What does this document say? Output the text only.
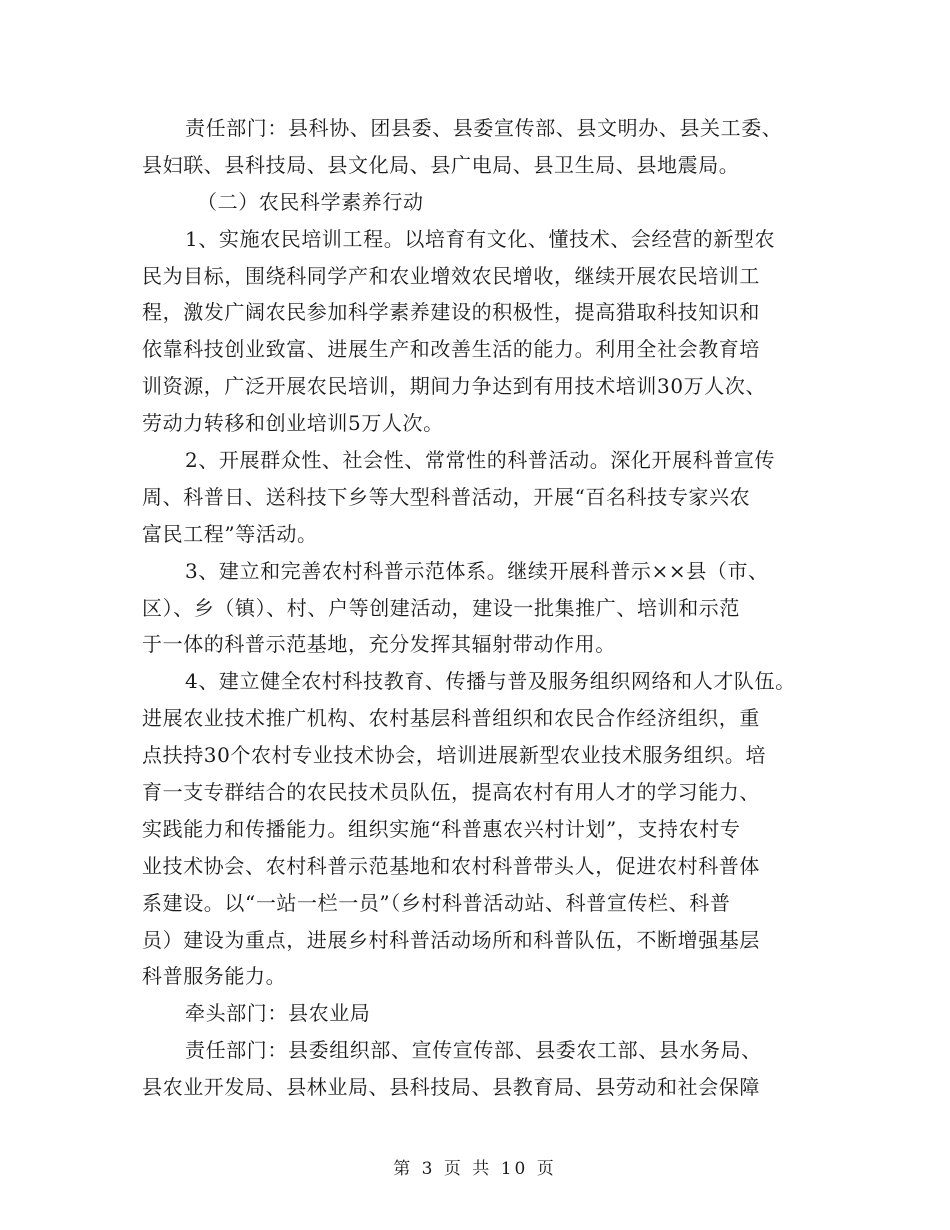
责任部门：县科协、团县委、县委宣传部、县文明办、县关工委、
县妇联、县科技局、县文化局、县广电局、县卫生局、县地震局。
（二）农民科学素养行动
1、实施农民培训工程。以培育有文化、懂技术、会经营的新型农
民为目标，围绕科同学产和农业增效农民增收，继续开展农民培训工
程，激发广阔农民参加科学素养建设的积极性，提高猎取科技知识和
依靠科技创业致富、进展生产和改善生活的能力。利用全社会教育培
训资源，广泛开展农民培训，期间力争达到有用技术培训30万人次、
劳动力转移和创业培训5万人次。
2、开展群众性、社会性、常常性的科普活动。深化开展科普宣传
周、科普日、送科技下乡等大型科普活动，开展“百名科技专家兴农
富民工程”等活动。
3、建立和完善农村科普示范体系。继续开展科普示××县（市、
区）、乡（镇）、村、户等创建活动，建设一批集推广、培训和示范
于一体的科普示范基地，充分发挥其辐射带动作用。
4、建立健全农村科技教育、传播与普及服务组织网络和人才队伍。
进展农业技术推广机构、农村基层科普组织和农民合作经济组织，重
点扶持30个农村专业技术协会，培训进展新型农业技术服务组织。培
育一支专群结合的农民技术员队伍，提高农村有用人才的学习能力、
实践能力和传播能力。组织实施“科普惠农兴村计划”，支持农村专
业技术协会、农村科普示范基地和农村科普带头人，促进农村科普体
系建设。以“一站一栏一员”（乡村科普活动站、科普宣传栏、科普
员）建设为重点，进展乡村科普活动场所和科普队伍，不断增强基层
科普服务能力。
牵头部门：县农业局
责任部门：县委组织部、宣传宣传部、县委农工部、县水务局、
县农业开发局、县林业局、县科技局、县教育局、县劳动和社会保障
第 3 页 共 10 页
